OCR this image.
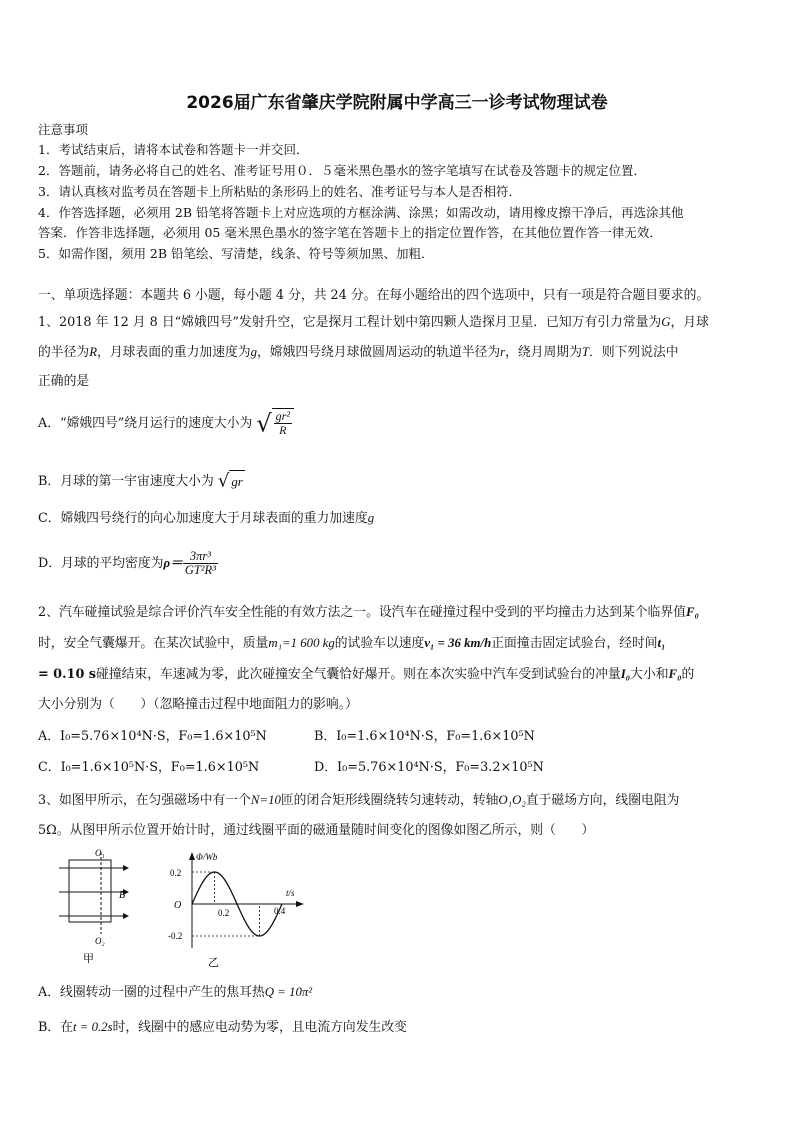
2026届广东省肇庆学院附属中学高三一诊考试物理试卷
注意事项
1．考试结束后，请将本试卷和答题卡一并交回．
2．答题前，请务必将自己的姓名、准考证号用０．５毫米黑色墨水的签字笔填写在试卷及答题卡的规定位置．
3．请认真核对监考员在答题卡上所粘贴的条形码上的姓名、准考证号与本人是否相符．
4．作答选择题，必须用 2B 铅笔将答题卡上对应选项的方框涂满、涂黑；如需改动，请用橡皮擦干净后，再选涂其他
答案．作答非选择题，必须用 05 毫米黑色墨水的签字笔在答题卡上的指定位置作答，在其他位置作答一律无效．
5．如需作图，须用 2B 铅笔绘、写清楚，线条、符号等须加黑、加粗．
一、单项选择题：本题共 6 小题，每小题 4 分，共 24 分。在每小题给出的四个选项中，只有一项是符合题目要求的。
1、2018 年 12 月 8 日“嫦娥四号”发射升空，它是探月工程计划中第四颗人造探月卫星．已知万有引力常量为G，月球
的半径为R，月球表面的重力加速度为g，嫦娥四号绕月球做圆周运动的轨道半径为r，绕月周期为T．则下列说法中
正确的是
A．“嫦娥四号”绕月运行的速度大小为 √ $\frac{\text{gr²}}{R}$
B．月球的第一宇宙速度大小为 √ gr
C．嫦娥四号绕行的向心加速度大于月球表面的重力加速度g
D．月球的平均密度为$\rho= \frac{\text{3πr³}}{\text{GT²R³}}$
2、汽车碰撞试验是综合评价汽车安全性能的有效方法之一。设汽车在碰撞过程中受到的平均撞击力达到某个临界值F₀
时，安全气囊爆开。在某次试验中，质量m₁=1 600 kg的试验车以速度v₁ = 36 km/h正面撞击固定试验台，经时间t₁
= 0.10 s碰撞结束，车速减为零，此次碰撞安全气囊恰好爆开。则在本次实验中汽车受到试验台的冲量I₀大小和F₀的
大小分别为（　　）（忽略撞击过程中地面阻力的影响。）
A．I₀=5.76×10⁴N·S，F₀=1.6×10⁵N	B．I₀=1.6×10⁴N·S，F₀=1.6×10⁵N
C．I₀=1.6×10⁵N·S，F₀=1.6×10⁵N	D．I₀=5.76×10⁴N·S，F₀=3.2×10⁵N
3、如图甲所示，在匀强磁场中有一个N=10匝的闭合矩形线圈绕转匀速转动，转轴O₁O₂直于磁场方向，线圈电阻为
5Ω。从图甲所示位置开始计时，通过线圈平面的磁通量随时间变化的图像如图乙所示，则（　　）
O₁
O₂
B
甲
Φ/Wb
t/s
O
0.2
-0.2
0.2	0.4
乙
A．线圈转动一圈的过程中产生的焦耳热Q = 10π²
B．在t = 0.2s时，线圈中的感应电动势为零，且电流方向发生改变
